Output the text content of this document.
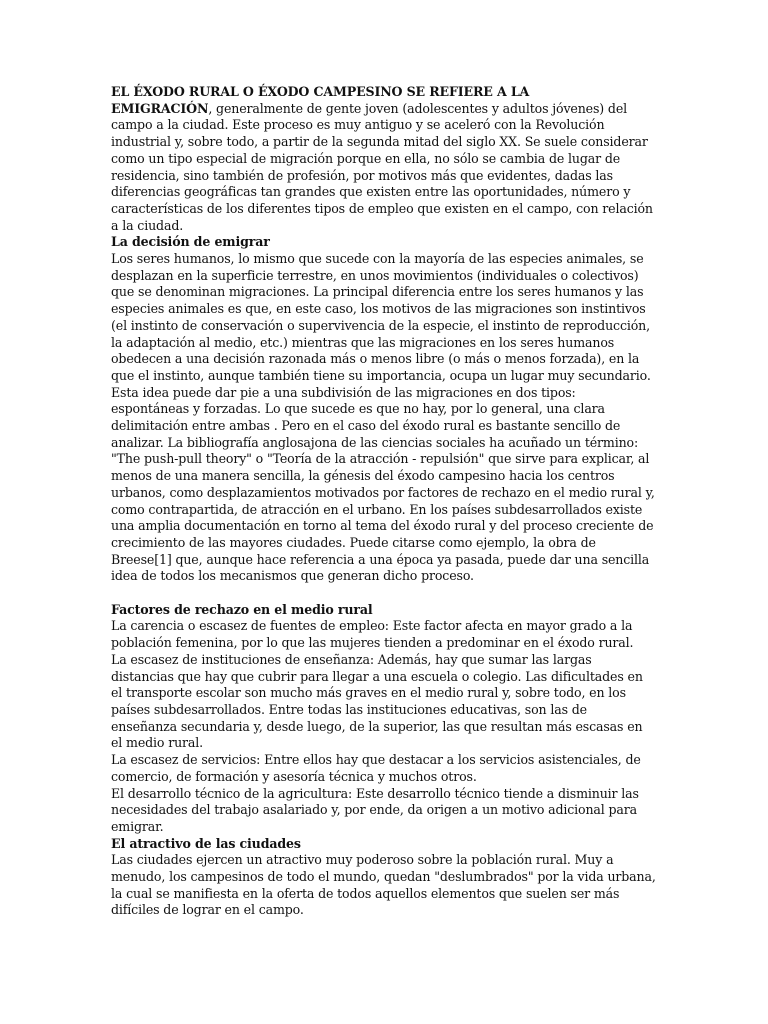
EL ÉXODO RURAL O ÉXODO CAMPESINO SE REFIERE A LA
EMIGRACIÓN, generalmente de gente joven (adolescentes y adultos jóvenes) del campo a la ciudad. Este proceso es muy antiguo y se aceleró con la Revolución industrial y, sobre todo, a partir de la segunda mitad del siglo XX. Se suele considerar como un tipo especial de migración porque en ella, no sólo se cambia de lugar de residencia, sino también de profesión, por motivos más que evidentes, dadas las diferencias geográficas tan grandes que existen entre las oportunidades, número y características de los diferentes tipos de empleo que existen en el campo, con relación a la ciudad.

La decisión de emigrar

Los seres humanos, lo mismo que sucede con la mayoría de las especies animales, se desplazan en la superficie terrestre, en unos movimientos (individuales o colectivos) que se denominan migraciones. La principal diferencia entre los seres humanos y las especies animales es que, en este caso, los motivos de las migraciones son instintivos (el instinto de conservación o supervivencia de la especie, el instinto de reproducción, la adaptación al medio, etc.) mientras que las migraciones en los seres humanos obedecen a una decisión razonada más o menos libre (o más o menos forzada), en la que el instinto, aunque también tiene su importancia, ocupa un lugar muy secundario. Esta idea puede dar pie a una subdivisión de las migraciones en dos tipos: espontáneas y forzadas. Lo que sucede es que no hay, por lo general, una clara delimitación entre ambas . Pero en el caso del éxodo rural es bastante sencillo de analizar. La bibliografía anglosajona de las ciencias sociales ha acuñado un término: "The push-pull theory" o "Teoría de la atracción - repulsión" que sirve para explicar, al menos de una manera sencilla, la génesis del éxodo campesino hacia los centros urbanos, como desplazamientos motivados por factores de rechazo en el medio rural y, como contrapartida, de atracción en el urbano. En los países subdesarrollados existe una amplia documentación en torno al tema del éxodo rural y del proceso creciente de crecimiento de las mayores ciudades. Puede citarse como ejemplo, la obra de Breese[1] que, aunque hace referencia a una época ya pasada, puede dar una sencilla idea de todos los mecanismos que generan dicho proceso.

Factores de rechazo en el medio rural

La carencia o escasez de fuentes de empleo: Este factor afecta en mayor grado a la población femenina, por lo que las mujeres tienden a predominar en el éxodo rural.

La escasez de instituciones de enseñanza: Además, hay que sumar las largas distancias que hay que cubrir para llegar a una escuela o colegio. Las dificultades en el transporte escolar son mucho más graves en el medio rural y, sobre todo, en los países subdesarrollados. Entre todas las instituciones educativas, son las de enseñanza secundaria y, desde luego, de la superior, las que resultan más escasas en el medio rural.

La escasez de servicios: Entre ellos hay que destacar a los servicios asistenciales, de comercio, de formación y asesoría técnica y muchos otros.

El desarrollo técnico de la agricultura: Este desarrollo técnico tiende a disminuir las necesidades del trabajo asalariado y, por ende, da origen a un motivo adicional para emigrar.

El atractivo de las ciudades

Las ciudades ejercen un atractivo muy poderoso sobre la población rural. Muy a menudo, los campesinos de todo el mundo, quedan "deslumbrados" por la vida urbana, la cual se manifiesta en la oferta de todos aquellos elementos que suelen ser más difíciles de lograr en el campo.
